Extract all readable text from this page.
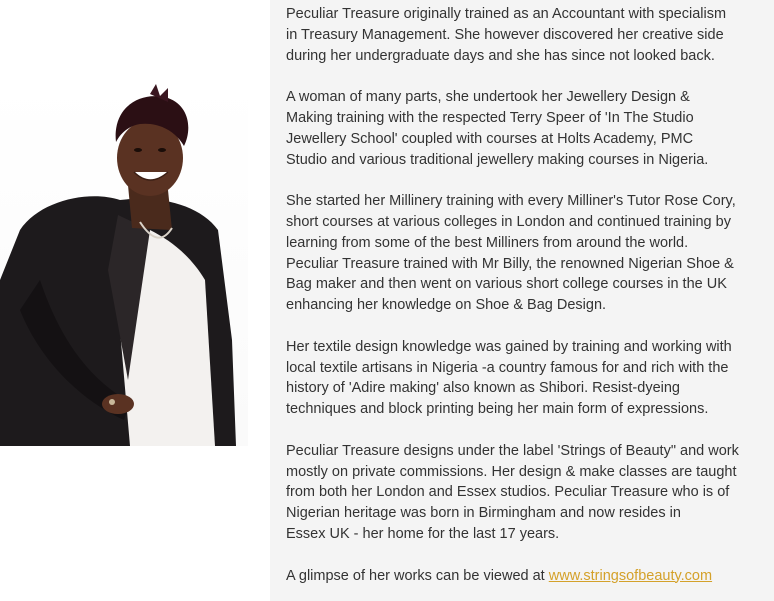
Peculiar Treasure originally trained as an Accountant with specialism
in Treasury Management. She however discovered her creative side
during her undergraduate days and she has since not looked back.

A woman of many parts, she undertook her Jewellery Design &
Making training with the respected Terry Speer of 'In The Studio
Jewellery School' coupled with courses at Holts Academy, PMC
Studio and various traditional jewellery making courses in Nigeria.

She started her Millinery training with every Milliner's Tutor Rose Cory,
short courses at various colleges in London and continued training by
learning from some of the best Milliners from around the world.
Peculiar Treasure trained with Mr Billy, the renowned Nigerian Shoe &
Bag maker and then went on various short college courses in the UK
enhancing her knowledge on Shoe & Bag Design.

Her textile design knowledge was gained by training and working with
local textile artisans in Nigeria -a country famous for and rich with the
history of 'Adire making' also known as Shibori. Resist-dyeing
techniques and block printing being her main form of expressions.

Peculiar Treasure designs under the label 'Strings of Beauty" and work
mostly on private commissions. Her design & make classes are taught
from both her London and Essex studios. Peculiar Treasure who is of
Nigerian heritage was born in Birmingham and now resides in
Essex UK - her home for the last 17 years.

A glimpse of her works can be viewed at www.stringsofbeauty.com
